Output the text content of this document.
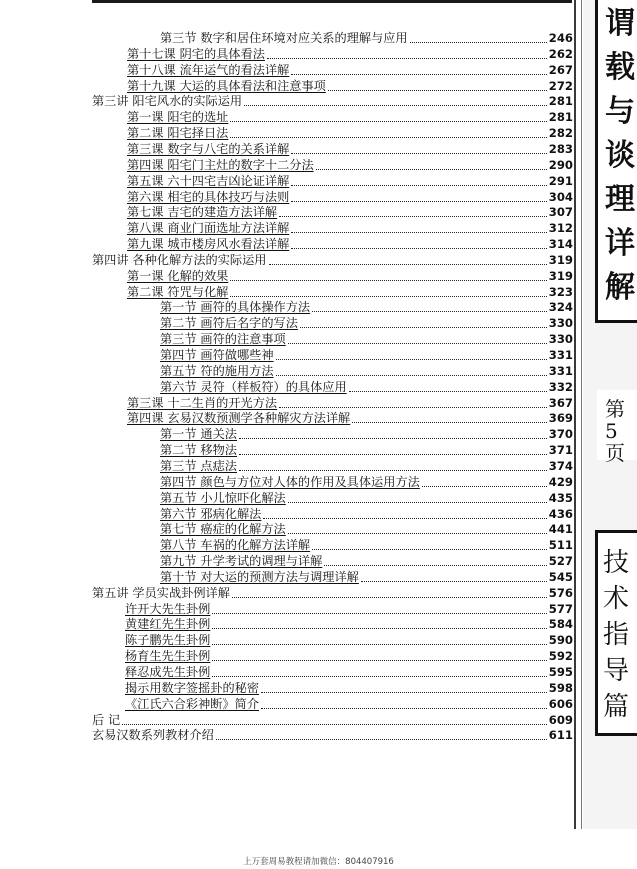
第三节 数字和居住环境对应关系的理解与应用	246
第十七课 阴宅的具体看法	262
第十八课 流年运气的看法详解	267
第十九课 大运的具体看法和注意事项	272
第三讲 阳宅风水的实际运用	281
第一课 阳宅的选址	281
第二课 阳宅择日法	282
第三课 数字与八宅的关系详解	283
第四课 阳宅门主灶的数字十二分法	290
第五课 六十四宅吉凶论证详解	291
第六课 相宅的具体技巧与法则	304
第七课 吉宅的建造方法详解	307
第八课 商业门面选址方法详解	312
第九课 城市楼房风水看法详解	314
第四讲 各种化解方法的实际运用	319
第一课 化解的效果	319
第二课 符咒与化解	323
第一节 画符的具体操作方法	324
第二节 画符后名字的写法	330
第三节 画符的注意事项	330
第四节 画符做哪些神	331
第五节 符的施用方法	331
第六节 灵符（样板符）的具体应用	332
第三课 十二生肖的开光方法	367
第四课 玄易汉数预测学各种解灾方法详解	369
第一节 通关法	370
第二节 移物法	371
第三节 点痣法	374
第四节 颜色与方位对人体的作用及具体运用方法	429
第五节 小儿惊吓化解法	435
第六节 邪病化解法	436
第七节 癌症的化解方法	441
第八节 车祸的化解方法详解	511
第九节 升学考试的调理与详解	527
第十节 对大运的预测方法与调理详解	545
第五讲 学员实战卦例详解	576
许开大先生卦例	577
黄建红先生卦例	584
陈子鹏先生卦例	590
杨育生先生卦例	592
释忍成先生卦例	595
揭示用数字签摇卦的秘密	598
《江氏六合彩神断》简介	606
后 记	609
玄易汉数系列教材介绍	611
谓
载
与
谈
理
详
解
第
5
页
技
术
指
导
篇
上万套周易教程请加微信：804407916
